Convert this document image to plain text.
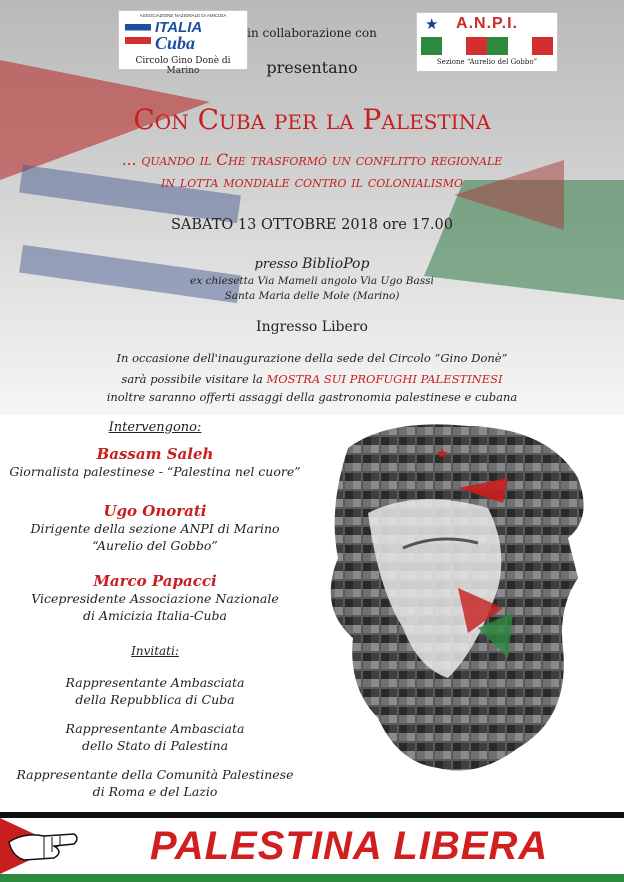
ASSOCIAZIONE NAZIONALE DI AMICIZIA
ITALIA
Cuba
Circolo Gino Donè di Marino
in collaborazione con
presentano
★	A.N.P.I.
Sezione “Aurelio del Gobbo”
Con Cuba per la Palestina
... quando il Che trasformò un conflitto regionale
in lotta mondiale contro il colonialismo
SABATO 13 OTTOBRE 2018 ore 17.00
presso BiblioPop
ex chiesetta Via Mameli angolo Via Ugo Bassi
Santa Maria delle Mole (Marino)
Ingresso Libero
In occasione dell'inaugurazione della sede del Circolo “Gino Donè”
sarà possibile visitare la MOSTRA SUI PROFUGHI PALESTINESI
inoltre saranno offerti assaggi della gastronomia palestinese e cubana
Intervengono:
Bassam Saleh
Giornalista palestinese - “Palestina nel cuore”
Ugo Onorati
Dirigente della sezione ANPI di Marino
“Aurelio del Gobbo”
Marco Papacci
Vicepresidente Associazione Nazionale
di Amicizia Italia-Cuba
Invitati:
Rappresentante Ambasciata
della Repubblica di Cuba
Rappresentante Ambasciata
dello Stato di Palestina
Rappresentante della Comunità Palestinese
di Roma e del Lazio
★
PALESTINA LIBERA
